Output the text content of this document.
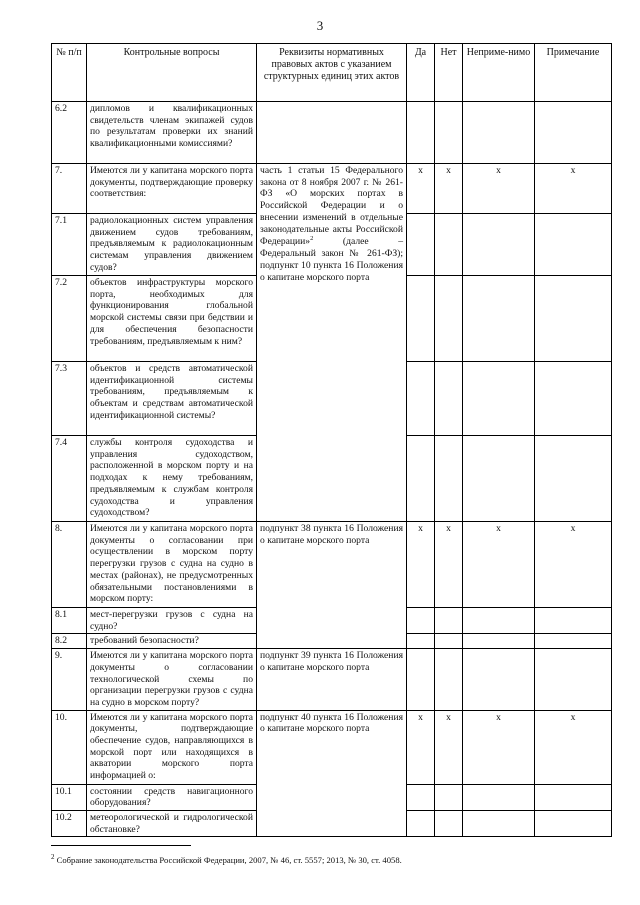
3
№ п/п	Контрольные вопросы	Реквизиты нормативных правовых актов с указанием структурных единиц этих актов	Да	Нет	Неприме-нимо	Примечание
6.2	дипломов и квалификационных свидетельств членам экипажей судов по результатам проверки их знаний квалификационными комиссиями?					
7.	Имеются ли у капитана морского порта документы, подтверждающие проверку соответствия:	часть 1 статьи 15 Федерального закона от 8 ноября 2007 г. № 261-ФЗ «О морских портах в Российской Федерации и о внесении изменений в отдельные законодательные акты Российской Федерации»$^2$ (далее – Федеральный закон № 261-ФЗ); подпункт 10 пункта 16 Положения о капитане морского порта	x	x	x	x
7.1	радиолокационных систем управления движением судов требованиям, предъявляемым к радиолокационным системам управления движением судов?					
7.2	объектов инфраструктуры морского порта, необходимых для функционирования глобальной морской системы связи при бедствии и для обеспечения безопасности требованиям, предъявляемым к ним?					
7.3	объектов и средств автоматической идентификационной системы требованиям, предъявляемым к объектам и средствам автоматической идентификационной системы?					
7.4	службы контроля судоходства и управления судоходством, расположенной в морском порту и на подходах к нему требованиям, предъявляемым к службам контроля судоходства и управления судоходством?					
8.	Имеются ли у капитана морского порта документы о согласовании при осуществлении в морском порту перегрузки грузов с судна на судно в местах (районах), не предусмотренных обязательными постановлениями в морском порту:	подпункт 38 пункта 16 Положения о капитане морского порта	x	x	x	x
8.1	мест-перегрузки грузов с судна на судно?					
8.2	требований безопасности?					
9.	Имеются ли у капитана морского порта документы о согласовании технологической схемы по организации перегрузки грузов с судна на судно в морском порту?	подпункт 39 пункта 16 Положения о капитане морского порта				
10.	Имеются ли у капитана морского порта документы, подтверждающие обеспечение судов, направляющихся в морской порт или находящихся в акватории морского порта информацией о:	подпункт 40 пункта 16 Положения о капитане морского порта	x	x	x	x
10.1	состоянии средств навигационного оборудования?					
10.2	метеорологической и гидрологической обстановке?					
$^2$ Собрание законодательства Российской Федерации, 2007, № 46, ст. 5557; 2013, № 30, ст. 4058.
